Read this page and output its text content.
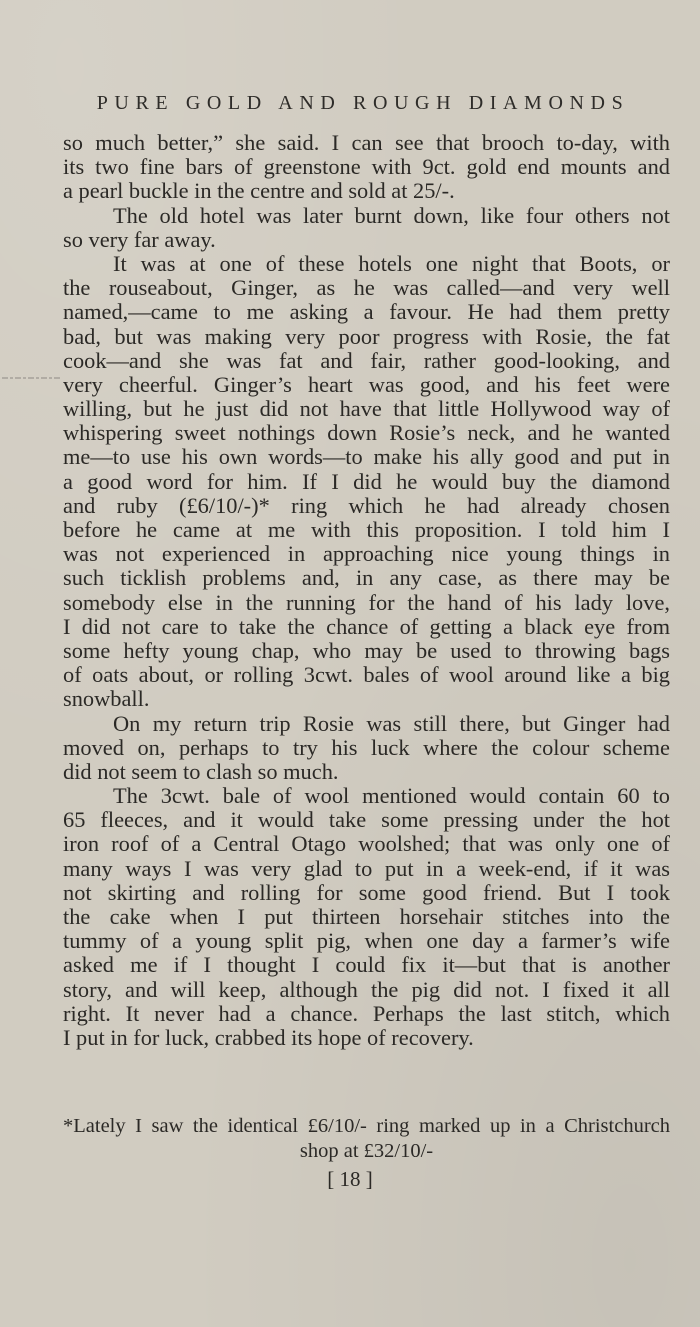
PURE GOLD AND ROUGH DIAMONDS
so much better,” she said. I can see that brooch to-day, with
its two fine bars of greenstone with 9ct. gold end mounts and
a pearl buckle in the centre and sold at 25/-.
The old hotel was later burnt down, like four others not
so very far away.
It was at one of these hotels one night that Boots, or
the rouseabout, Ginger, as he was called—and very well
named,—came to me asking a favour. He had them pretty
bad, but was making very poor progress with Rosie, the fat
cook—and she was fat and fair, rather good-looking, and
very cheerful. Ginger’s heart was good, and his feet were
willing, but he just did not have that little Hollywood way of
whispering sweet nothings down Rosie’s neck, and he wanted
me—to use his own words—to make his ally good and put in
a good word for him. If I did he would buy the diamond
and ruby (£6/10/-)* ring which he had already chosen
before he came at me with this proposition. I told him I
was not experienced in approaching nice young things in
such ticklish problems and, in any case, as there may be
somebody else in the running for the hand of his lady love,
I did not care to take the chance of getting a black eye from
some hefty young chap, who may be used to throwing bags
of oats about, or rolling 3cwt. bales of wool around like a big
snowball.
On my return trip Rosie was still there, but Ginger had
moved on, perhaps to try his luck where the colour scheme
did not seem to clash so much.
The 3cwt. bale of wool mentioned would contain 60 to
65 fleeces, and it would take some pressing under the hot
iron roof of a Central Otago woolshed; that was only one of
many ways I was very glad to put in a week-end, if it was
not skirting and rolling for some good friend. But I took
the cake when I put thirteen horsehair stitches into the
tummy of a young split pig, when one day a farmer’s wife
asked me if I thought I could fix it—but that is another
story, and will keep, although the pig did not. I fixed it all
right. It never had a chance. Perhaps the last stitch, which
I put in for luck, crabbed its hope of recovery.
*Lately I saw the identical £6/10/- ring marked up in a Christchurch
shop at £32/10/-
[ 18 ]
